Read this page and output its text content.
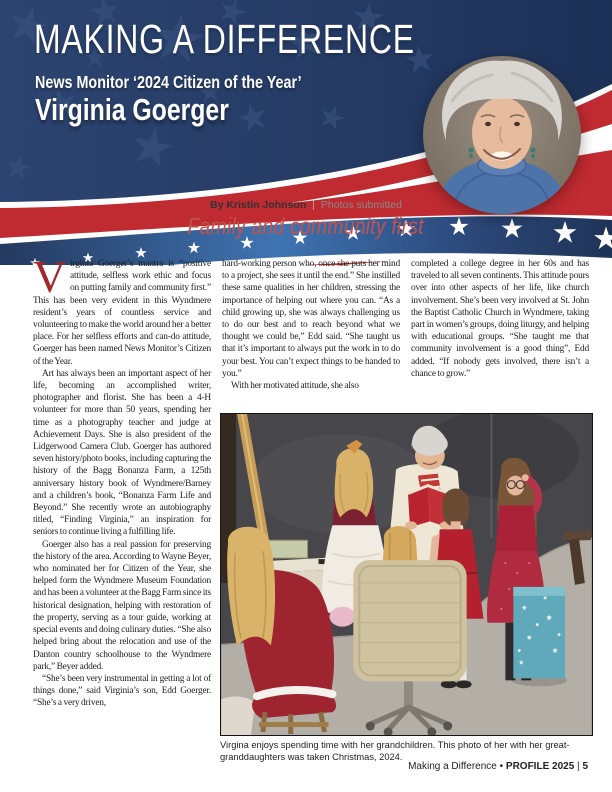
MAKING A DIFFERENCE
News Monitor ‘2024 Citizen of the Year’
Virginia Goerger
By Kristin Johnson | Photos submitted
Family and community first

Virginia Goerger’s mantra is “positive attitude, selfless work ethic and focus on putting family and community first.” This has been very evident in this Wyndmere resident’s years of countless service and volunteering to make the world around her a better place. For her selfless efforts and can-do attitude, Goerger has been named News Monitor’s Citizen of the Year.

Art has always been an important aspect of her life, becoming an accomplished writer, photographer and florist. She has been a 4-H volunteer for more than 50 years, spending her time as a photography teacher and judge at Achievement Days. She is also president of the Lidgerwood Camera Club. Goerger has authored seven history/photo books, including capturing the history of the Bagg Bonanza Farm, a 125th anniversary history book of Wyndmere/Barney and a children’s book, “Bonanza Farm Life and Beyond.” She recently wrote an autobiography titled, “Finding Virginia,” an inspiration for seniors to continue living a fulfilling life.

Goerger also has a real passion for preserving the history of the area. According to Wayne Beyer, who nominated her for Citizen of the Year, she helped form the Wyndmere Museum Foundation and has been a volunteer at the Bagg Farm since its historical designation, helping with restoration of the property, serving as a tour guide, working at special events and doing culinary duties. “She also helped bring about the relocation and use of the Danton country schoolhouse to the Wyndmere park,” Beyer added.

“She’s been very instrumental in getting a lot of things done,” said Virginia’s son, Edd Goerger. “She’s a very driven,

hard-working person who, once she puts her mind to a project, she sees it until the end.” She instilled these same qualities in her children, stressing the importance of helping out where you can. “As a child growing up, she was always challenging us to do our best and to reach beyond what we thought we could be,” Edd said. “She taught us that it’s important to always put the work in to do your best. You can’t expect things to be handed to you.”

With her motivated attitude, she also

completed a college degree in her 60s and has traveled to all seven continents. This attitude pours over into other aspects of her life, like church involvement. She’s been very involved at St. John the Baptist Catholic Church in Wyndmere, taking part in women’s groups, doing liturgy, and helping with educational groups. “She taught me that community involvement is a good thing”, Edd added. “If nobody gets involved, there isn’t a chance to grow.”

Virgina enjoys spending time with her grandchildren. This photo of her with her great-granddaughters was taken Christmas, 2024.
Making a Difference • PROFILE 2025 | 5
